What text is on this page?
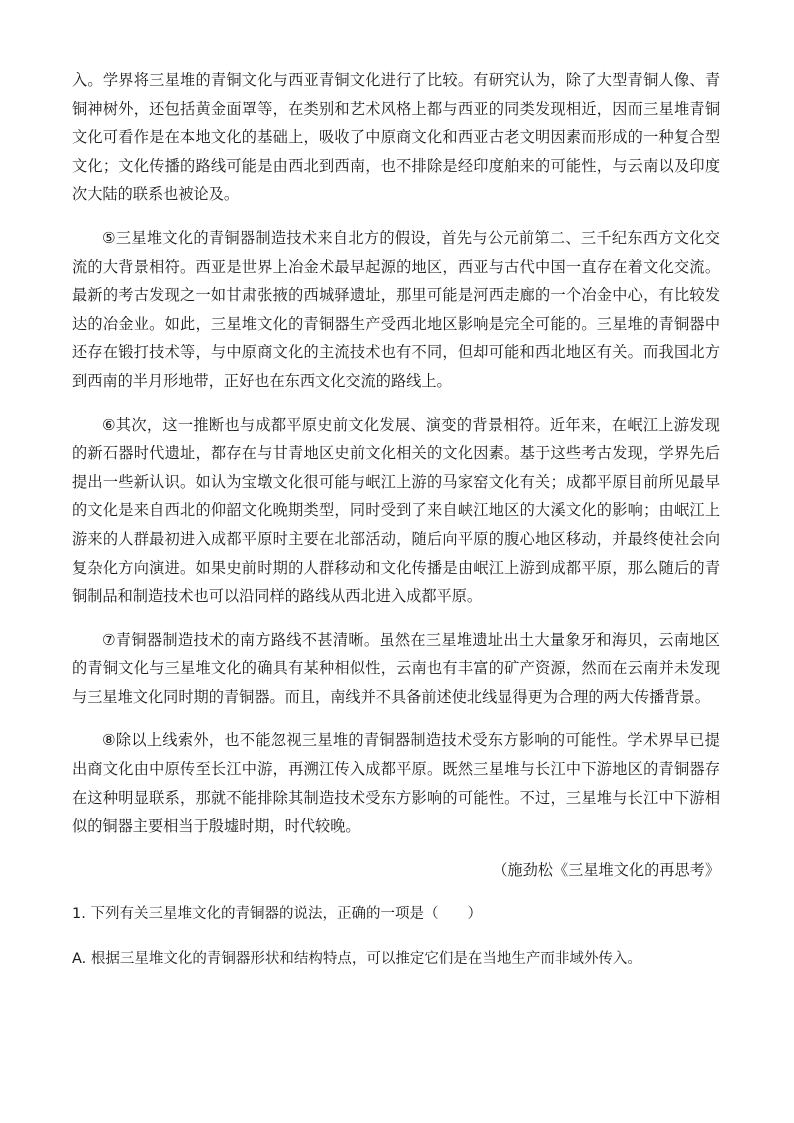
入。学界将三星堆的青铜文化与西亚青铜文化进行了比较。有研究认为，除了大型青铜人像、青铜神树外，还包括黄金面罩等，在类别和艺术风格上都与西亚的同类发现相近，因而三星堆青铜文化可看作是在本地文化的基础上，吸收了中原商文化和西亚古老文明因素而形成的一种复合型文化；文化传播的路线可能是由西北到西南，也不排除是经印度舶来的可能性，与云南以及印度次大陆的联系也被论及。

⑤三星堆文化的青铜器制造技术来自北方的假设，首先与公元前第二、三千纪东西方文化交流的大背景相符。西亚是世界上冶金术最早起源的地区，西亚与古代中国一直存在着文化交流。最新的考古发现之一如甘肃张掖的西城驿遗址，那里可能是河西走廊的一个冶金中心，有比较发达的冶金业。如此，三星堆文化的青铜器生产受西北地区影响是完全可能的。三星堆的青铜器中还存在锻打技术等，与中原商文化的主流技术也有不同，但却可能和西北地区有关。而我国北方到西南的半月形地带，正好也在东西文化交流的路线上。

⑥其次，这一推断也与成都平原史前文化发展、演变的背景相符。近年来，在岷江上游发现的新石器时代遗址，都存在与甘青地区史前文化相关的文化因素。基于这些考古发现，学界先后提出一些新认识。如认为宝墩文化很可能与岷江上游的马家窑文化有关；成都平原目前所见最早的文化是来自西北的仰韶文化晚期类型，同时受到了来自峡江地区的大溪文化的影响；由岷江上游来的人群最初进入成都平原时主要在北部活动，随后向平原的腹心地区移动，并最终使社会向复杂化方向演进。如果史前时期的人群移动和文化传播是由岷江上游到成都平原，那么随后的青铜制品和制造技术也可以沿同样的路线从西北进入成都平原。

⑦青铜器制造技术的南方路线不甚清晰。虽然在三星堆遗址出土大量象牙和海贝，云南地区的青铜文化与三星堆文化的确具有某种相似性，云南也有丰富的矿产资源，然而在云南并未发现与三星堆文化同时期的青铜器。而且，南线并不具备前述使北线显得更为合理的两大传播背景。

⑧除以上线索外，也不能忽视三星堆的青铜器制造技术受东方影响的可能性。学术界早已提出商文化由中原传至长江中游，再溯江传入成都平原。既然三星堆与长江中下游地区的青铜器存在这种明显联系，那就不能排除其制造技术受东方影响的可能性。不过，三星堆与长江中下游相似的铜器主要相当于殷墟时期，时代较晚。

（施劲松《三星堆文化的再思考》

1. 下列有关三星堆文化的青铜器的说法，正确的一项是（　　）

A. 根据三星堆文化的青铜器形状和结构特点，可以推定它们是在当地生产而非域外传入。
